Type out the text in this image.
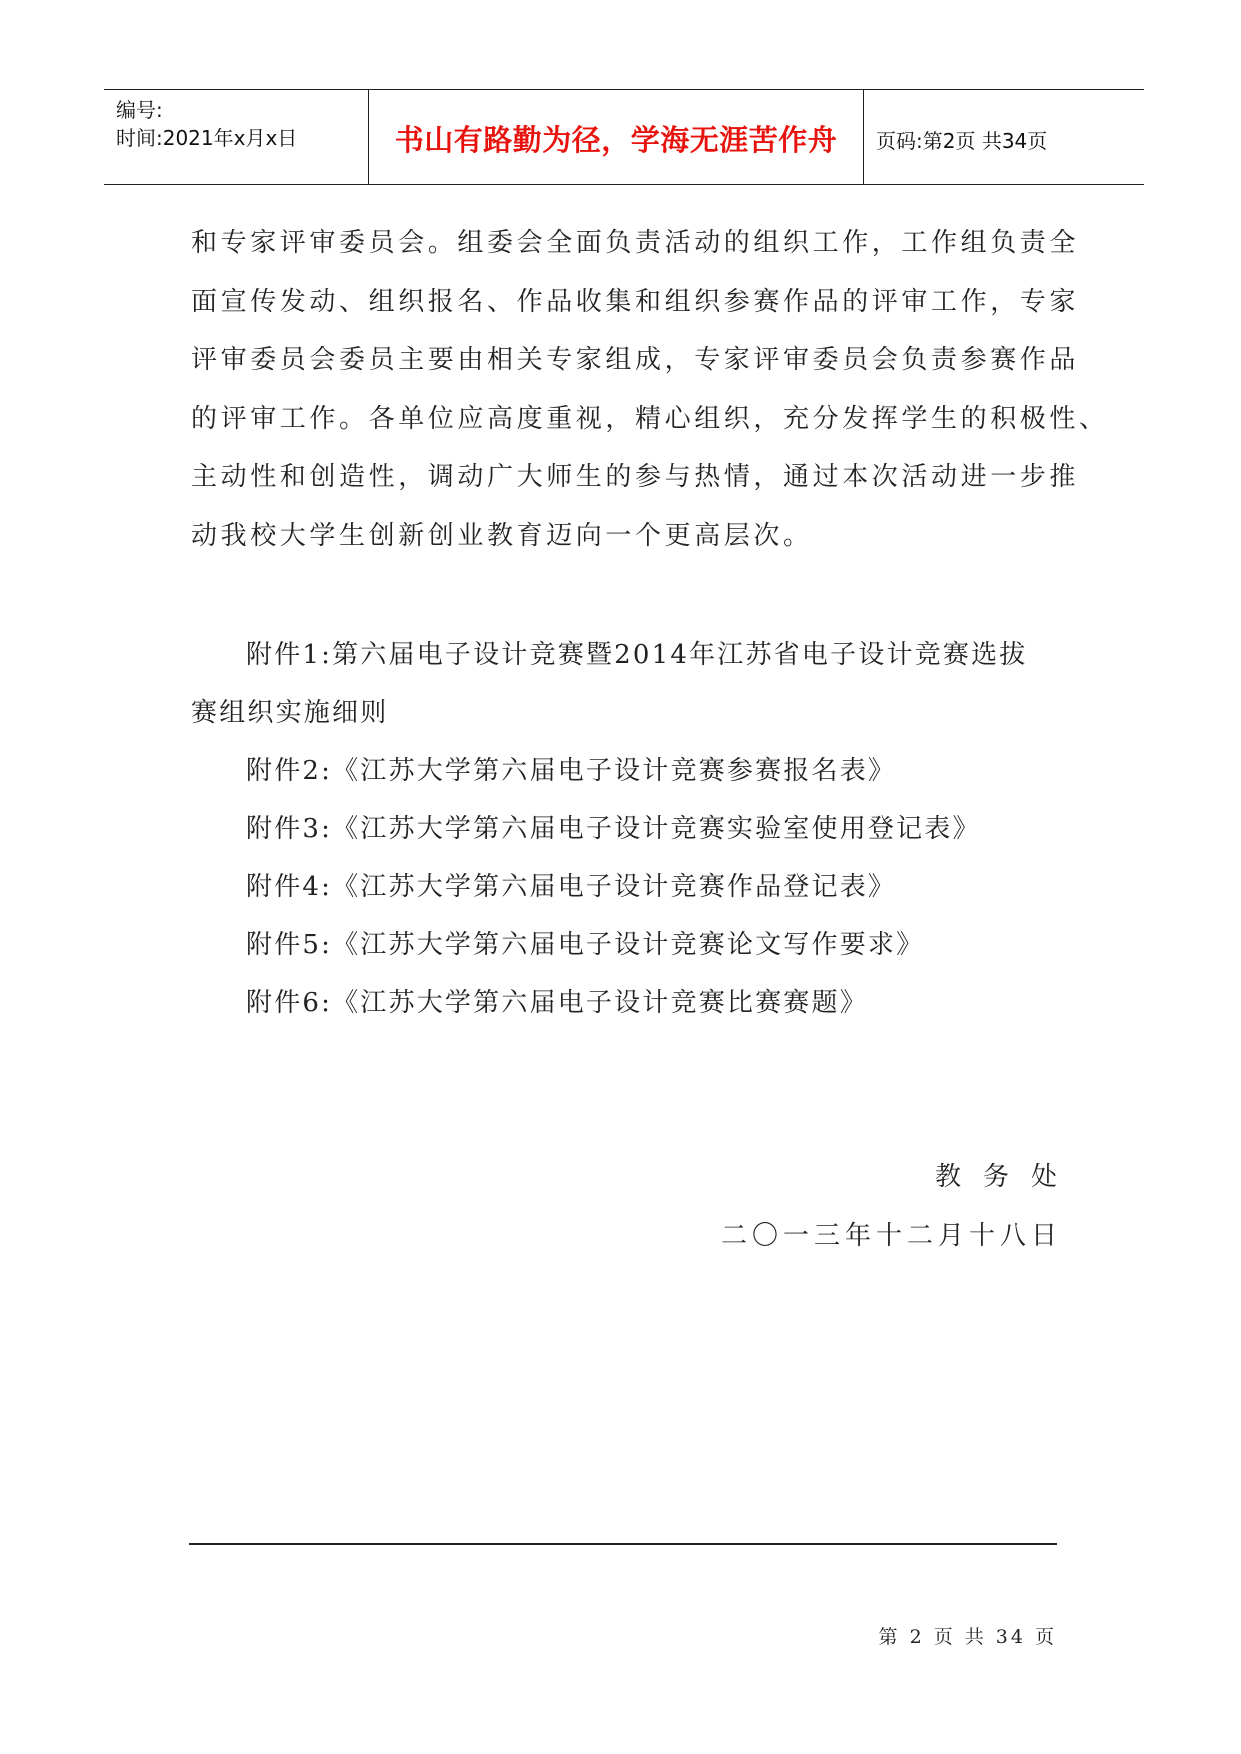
编号:
时间:2021年x月x日	书山有路勤为径，学海无涯苦作舟	页码:第2页 共34页
和专家评审委员会。组委会全面负责活动的组织工作，工作组负责全
面宣传发动、组织报名、作品收集和组织参赛作品的评审工作，专家
评审委员会委员主要由相关专家组成，专家评审委员会负责参赛作品
的评审工作。各单位应高度重视，精心组织，充分发挥学生的积极性、
主动性和创造性，调动广大师生的参与热情，通过本次活动进一步推
动我校大学生创新创业教育迈向一个更高层次。
附件1:第六届电子设计竞赛暨2014年江苏省电子设计竞赛选拔
赛组织实施细则
附件2:《江苏大学第六届电子设计竞赛参赛报名表》
附件3:《江苏大学第六届电子设计竞赛实验室使用登记表》
附件4:《江苏大学第六届电子设计竞赛作品登记表》
附件5:《江苏大学第六届电子设计竞赛论文写作要求》
附件6:《江苏大学第六届电子设计竞赛比赛赛题》
教务处
二〇一三年十二月十八日
第 2 页 共 34 页
